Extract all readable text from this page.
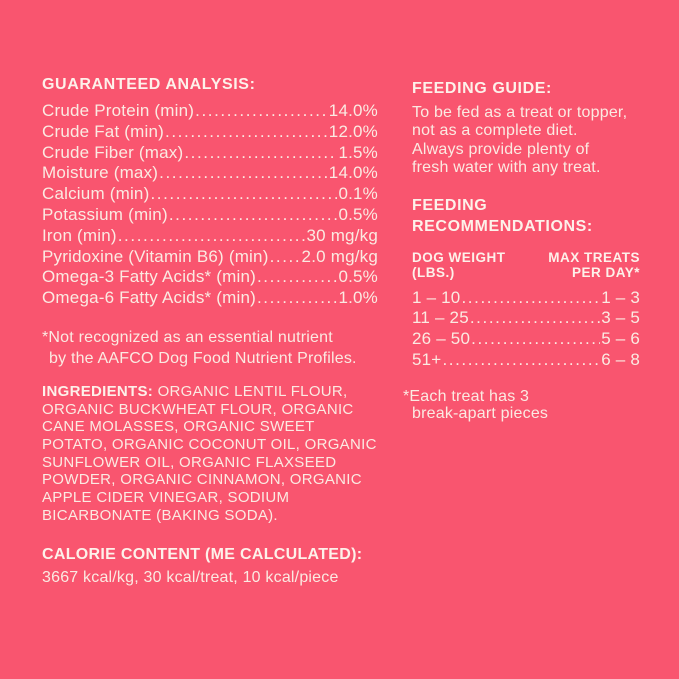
GUARANTEED ANALYSIS:
Crude Protein (min) .....	14.0%
Crude Fat (min) .....	12.0%
Crude Fiber (max) .....	1.5%
Moisture (max) .....	14.0%
Calcium (min) .....	0.1%
Potassium (min) .....	0.5%
Iron (min) .....	30 mg/kg
Pyridoxine (Vitamin B6) (min) ..... 2.0 mg/kg
Omega-3 Fatty Acids* (min) .....	0.5%
Omega-6 Fatty Acids* (min) .....	1.0%
*Not recognized as an essential nutrient
by the AAFCO Dog Food Nutrient Profiles.
INGREDIENTS: ORGANIC LENTIL FLOUR, ORGANIC BUCKWHEAT FLOUR, ORGANIC CANE MOLASSES, ORGANIC SWEET POTATO, ORGANIC COCONUT OIL, ORGANIC SUNFLOWER OIL, ORGANIC FLAXSEED POWDER, ORGANIC CINNAMON, ORGANIC APPLE CIDER VINEGAR, SODIUM BICARBONATE (BAKING SODA).
CALORIE CONTENT (ME CALCULATED):

3667 kcal/kg, 30 kcal/treat, 10 kcal/piece

FEEDING GUIDE:
To be fed as a treat or topper,
not as a complete diet.
Always provide plenty of
fresh water with any treat.
FEEDING RECOMMENDATIONS:
DOG WEIGHT
(LBS.)
MAX TREATS
PER DAY*
1 – 10 .....	1 – 3
11 – 25 .....	3 – 5
26 – 50 .....	5 – 6
51+ .....	6 – 8
*Each treat has 3
break-apart pieces
